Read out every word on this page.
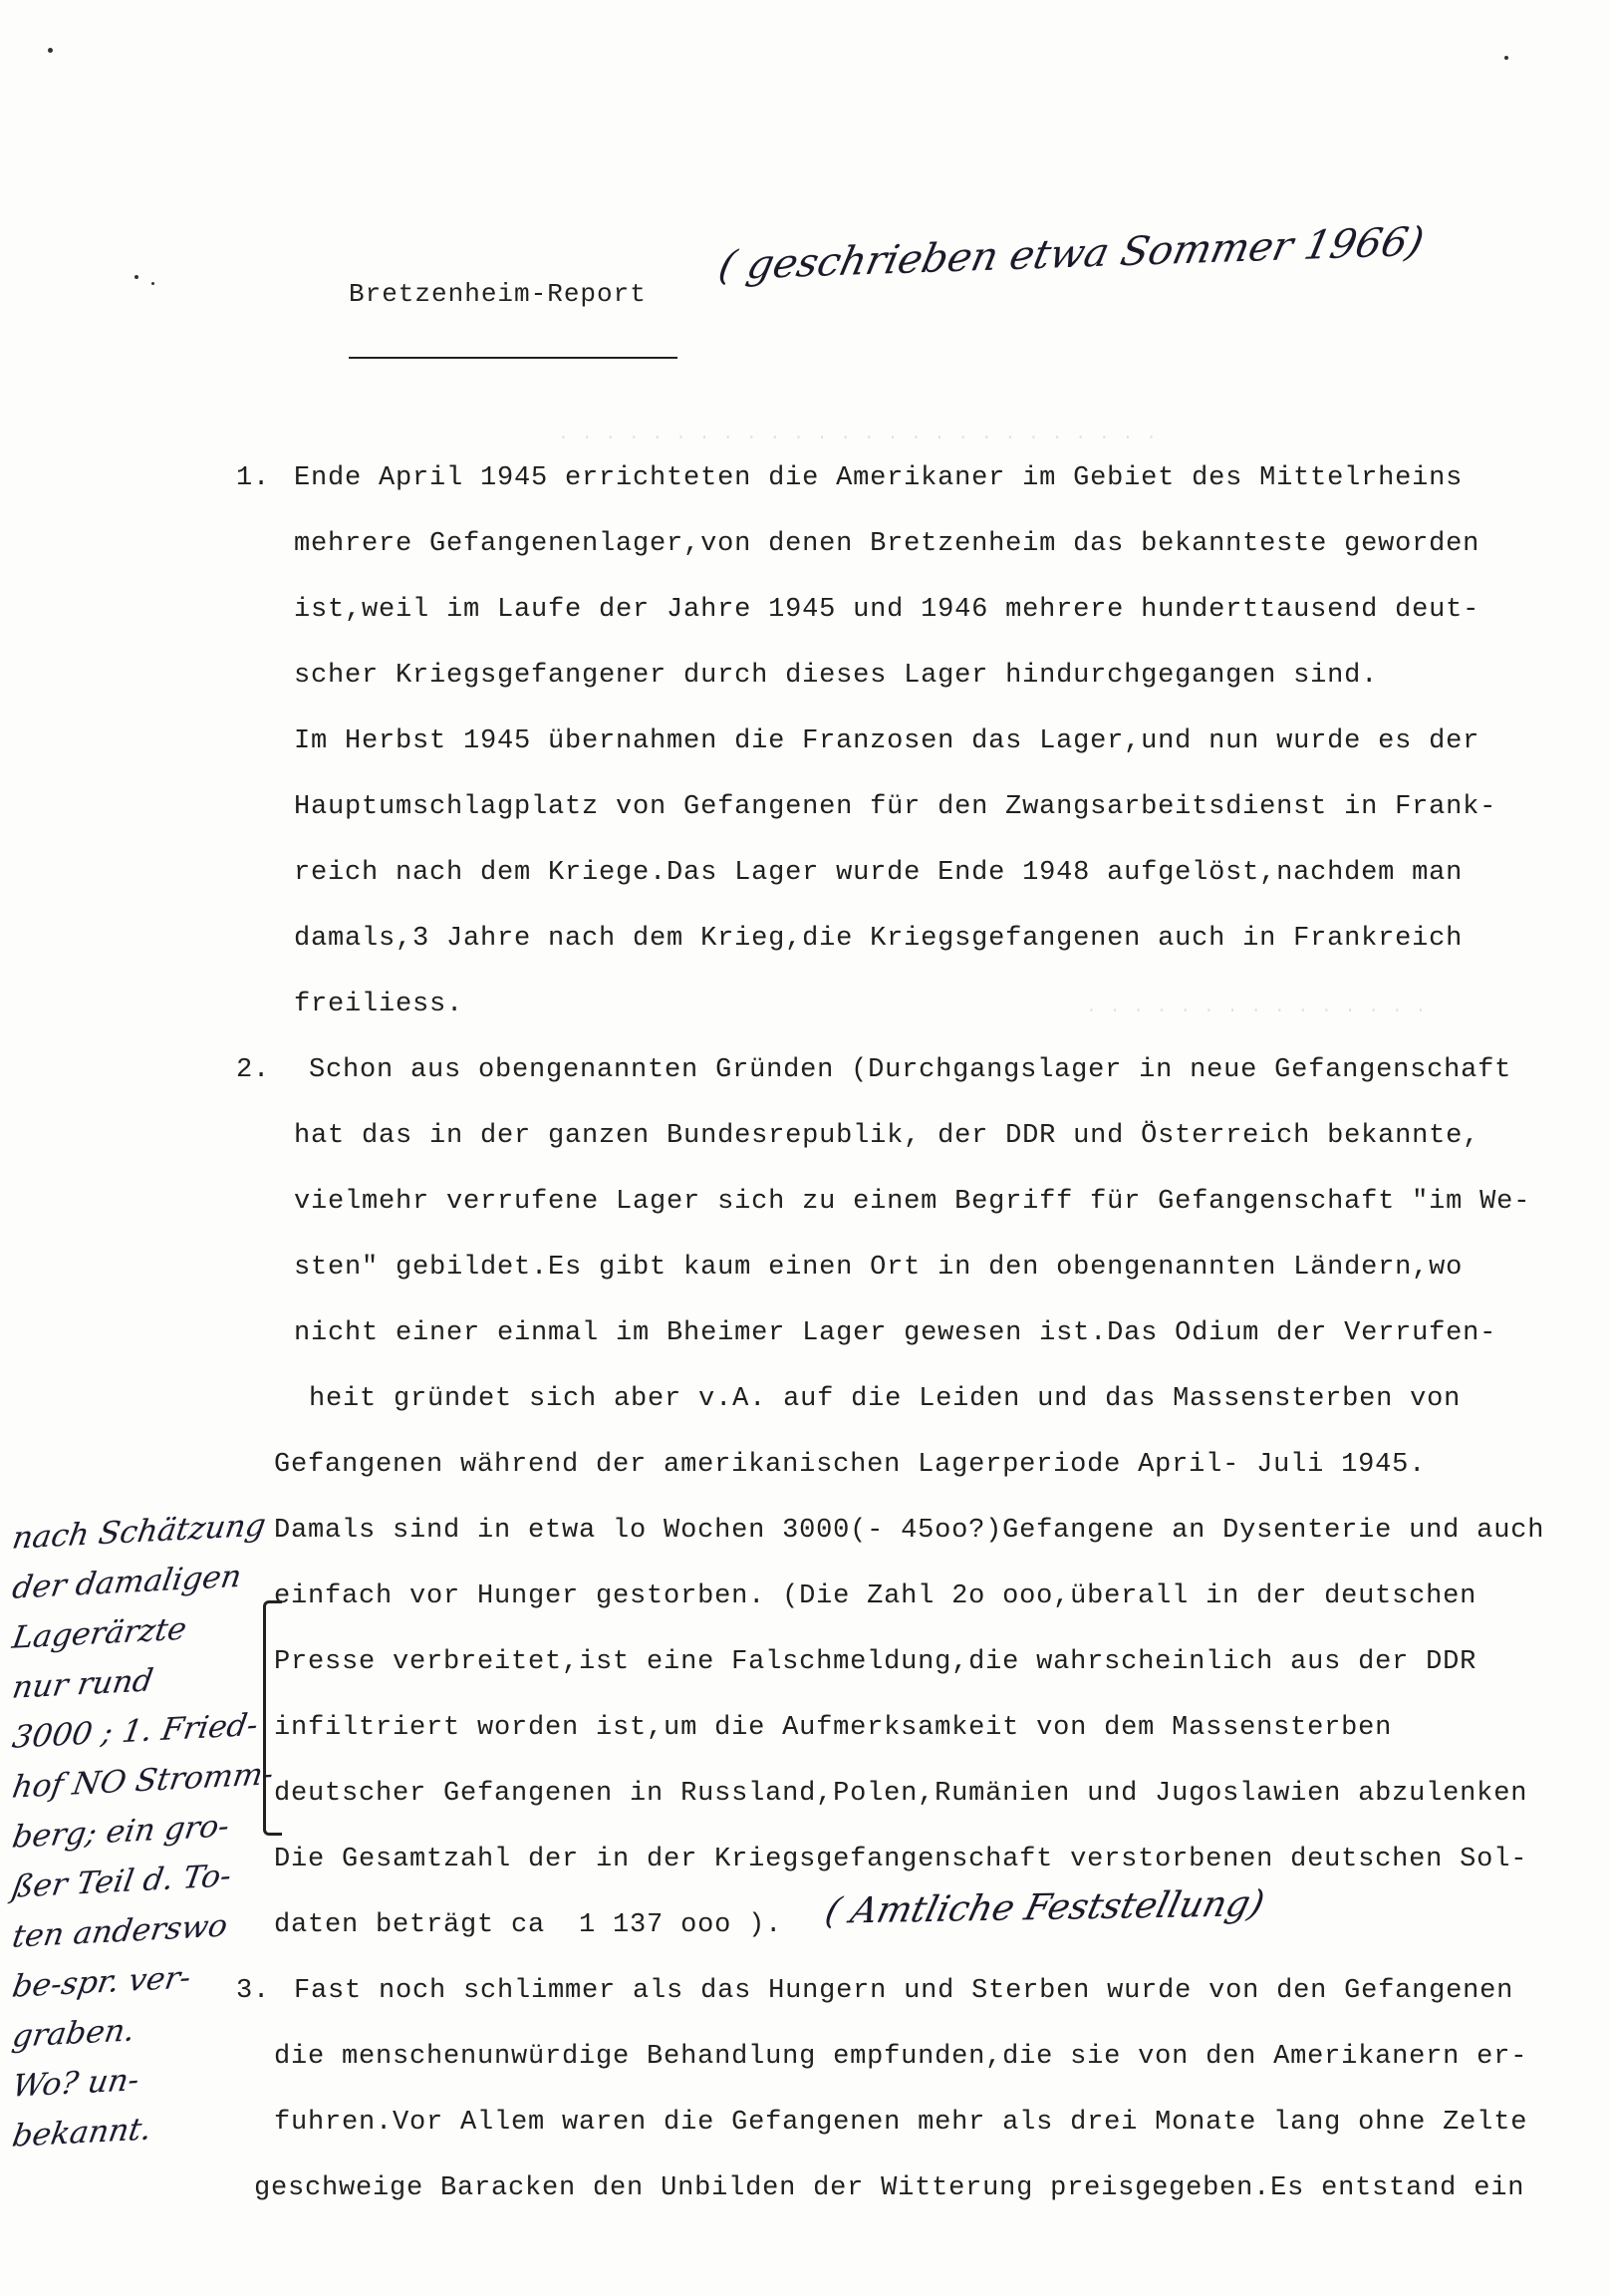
· · · · · · · · · · · · · · · · · · · · · · · · · ·
· · · · · · · · · · · · · · ·
Bretzenheim-Report
( geschrieben etwa Sommer 1966)
1. Ende April 1945 errichteten die Amerikaner im Gebiet des Mittelrheins
mehrere Gefangenenlager,von denen Bretzenheim das bekannteste geworden
ist,weil im Laufe der Jahre 1945 und 1946 mehrere hunderttausend deut-
scher Kriegsgefangener durch dieses Lager hindurchgegangen sind.
Im Herbst 1945 übernahmen die Franzosen das Lager,und nun wurde es der
Hauptumschlagplatz von Gefangenen für den Zwangsarbeitsdienst in Frank-
reich nach dem Kriege.Das Lager wurde Ende 1948 aufgelöst,nachdem man
damals,3 Jahre nach dem Krieg,die Kriegsgefangenen auch in Frankreich
freiliess.
2. Schon aus obengenannten Gründen (Durchgangslager in neue Gefangenschaft
hat das in der ganzen Bundesrepublik, der DDR und Österreich bekannte,
vielmehr verrufene Lager sich zu einem Begriff für Gefangenschaft "im We-
sten" gebildet.Es gibt kaum einen Ort in den obengenannten Ländern,wo
nicht einer einmal im Bheimer Lager gewesen ist.Das Odium der Verrufen-
heit gründet sich aber v.A. auf die Leiden und das Massensterben von
Gefangenen während der amerikanischen Lagerperiode April- Juli 1945.
Damals sind in etwa lo Wochen 3000(- 45oo?)Gefangene an Dysenterie und auch
einfach vor Hunger gestorben. (Die Zahl 2o ooo,überall in der deutschen
Presse verbreitet,ist eine Falschmeldung,die wahrscheinlich aus der DDR
infiltriert worden ist,um die Aufmerksamkeit von dem Massensterben
deutscher Gefangenen in Russland,Polen,Rumänien und Jugoslawien abzulenken
Die Gesamtzahl der in der Kriegsgefangenschaft verstorbenen deutschen Sol-
daten beträgt ca  1 137 ooo ). ( Amtliche Feststellung)
3. Fast noch schlimmer als das Hungern und Sterben wurde von den Gefangenen
die menschenunwürdige Behandlung empfunden,die sie von den Amerikanern er-
fuhren.Vor Allem waren die Gefangenen mehr als drei Monate lang ohne Zelte
geschweige Baracken den Unbilden der Witterung preisgegeben.Es entstand ein
nach Schätzung
der damaligen
Lagerärzte
nur rund
3000 ; 1. Fried-
hof NO Stromm-
berg; ein gro-
ßer Teil d. To-
ten anderswo
be-spr. ver-
graben.
Wo? un-
bekannt.
